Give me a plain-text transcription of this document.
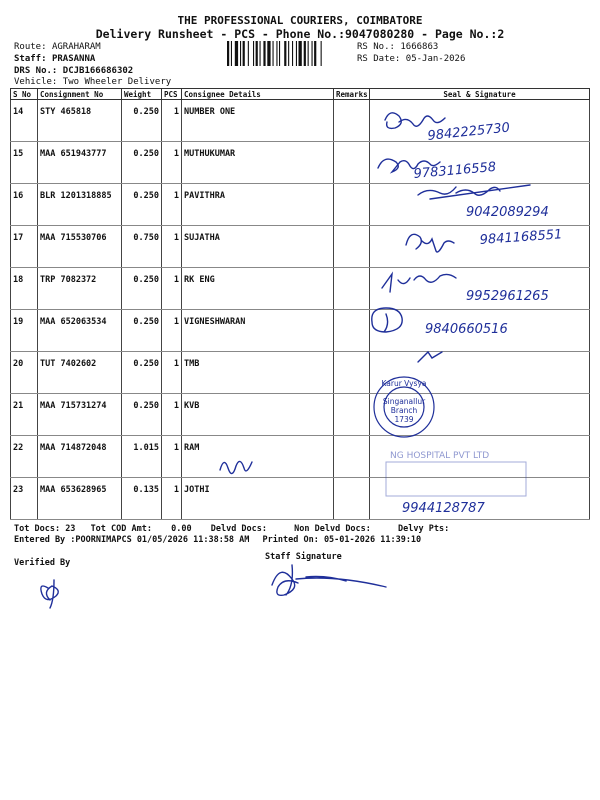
THE PROFESSIONAL COURIERS, COIMBATORE
Delivery Runsheet - PCS - Phone No.:9047080280 - Page No.:2
Route: AGRAHARAM
Staff: PRASANNA
DRS No.: DCJB166686302
Vehicle: Two Wheeler Delivery
RS No.: 1666863
RS Date: 05-Jan-2026
S No	Consignment No	Weight	PCS	Consignee Details	Remarks	Seal & Signature
14	STY 465818	0.250	1	NUMBER ONE		
15	MAA 651943777	0.250	1	MUTHUKUMAR		
16	BLR 1201318885	0.250	1	PAVITHRA		
17	MAA 715530706	0.750	1	SUJATHA		
18	TRP 7082372	0.250	1	RK ENG		
19	MAA 652063534	0.250	1	VIGNESHWARAN		
20	TUT 7402602	0.250	1	TMB		
21	MAA 715731274	0.250	1	KVB		
22	MAA 714872048	1.015	1	RAM		
23	MAA 653628965	0.135	1	JOTHI		
9842225730
9783116558
9042089294
9841168551
9952961265
9840660516
9944128787
Karur Vysya
Singanallur
Branch
1739
NG HOSPITAL PVT LTD
Tot Docs: 23 Tot COD Amt: 0.00 Delvd Docs:	Non Delvd Docs:	Delvy Pts:
Entered By :POORNIMAPCS 01/05/2026 11:38:58 AM Printed On: 05-01-2026 11:39:10
Verified By
Staff Signature
